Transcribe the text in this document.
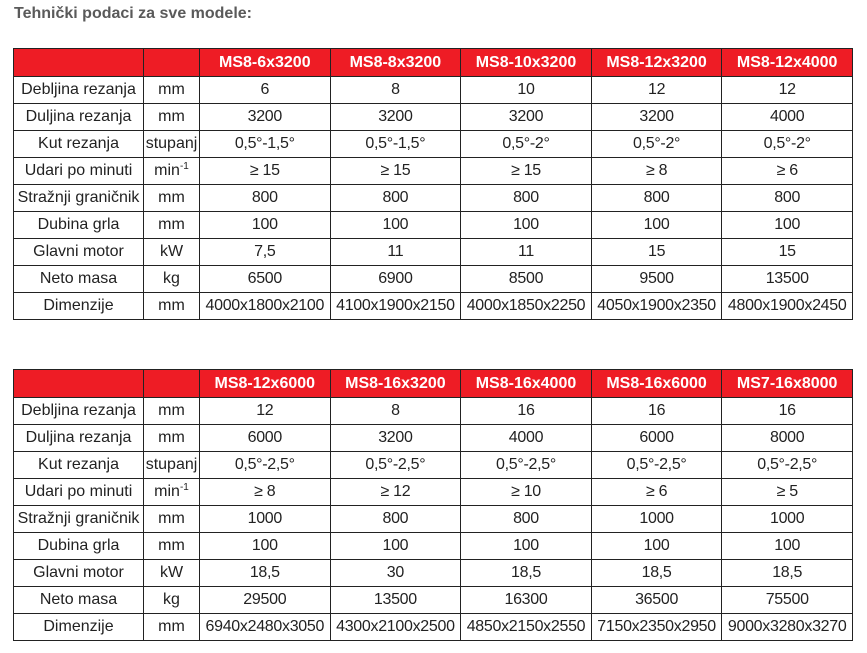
Tehnički podaci za sve modele:
		MS8-6x3200	MS8-8x3200	MS8-10x3200	MS8-12x3200	MS8-12x4000
Debljina rezanja	mm	6	8	10	12	12
Duljina rezanja	mm	3200	3200	3200	3200	4000
Kut rezanja	stupanj	0,5°-1,5°	0,5°-1,5°	0,5°-2°	0,5°-2°	0,5°-2°
Udari po minuti	$\min^{-1}$	≥ 15	≥ 15	≥ 15	≥ 8	≥ 6
Stražnji graničnik	mm	800	800	800	800	800
Dubina grla	mm	100	100	100	100	100
Glavni motor	kW	7,5	11	11	15	15
Neto masa	kg	6500	6900	8500	9500	13500
Dimenzije	mm	4000x1800x2100	4100x1900x2150	4000x1850x2250	4050x1900x2350	4800x1900x2450
		MS8-12x6000	MS8-16x3200	MS8-16x4000	MS8-16x6000	MS7-16x8000
Debljina rezanja	mm	12	8	16	16	16
Duljina rezanja	mm	6000	3200	4000	6000	8000
Kut rezanja	stupanj	0,5°-2,5°	0,5°-2,5°	0,5°-2,5°	0,5°-2,5°	0,5°-2,5°
Udari po minuti	$\min^{-1}$	≥ 8	≥ 12	≥ 10	≥ 6	≥ 5
Stražnji graničnik	mm	1000	800	800	1000	1000
Dubina grla	mm	100	100	100	100	100
Glavni motor	kW	18,5	30	18,5	18,5	18,5
Neto masa	kg	29500	13500	16300	36500	75500
Dimenzije	mm	6940x2480x3050	4300x2100x2500	4850x2150x2550	7150x2350x2950	9000x3280x3270
